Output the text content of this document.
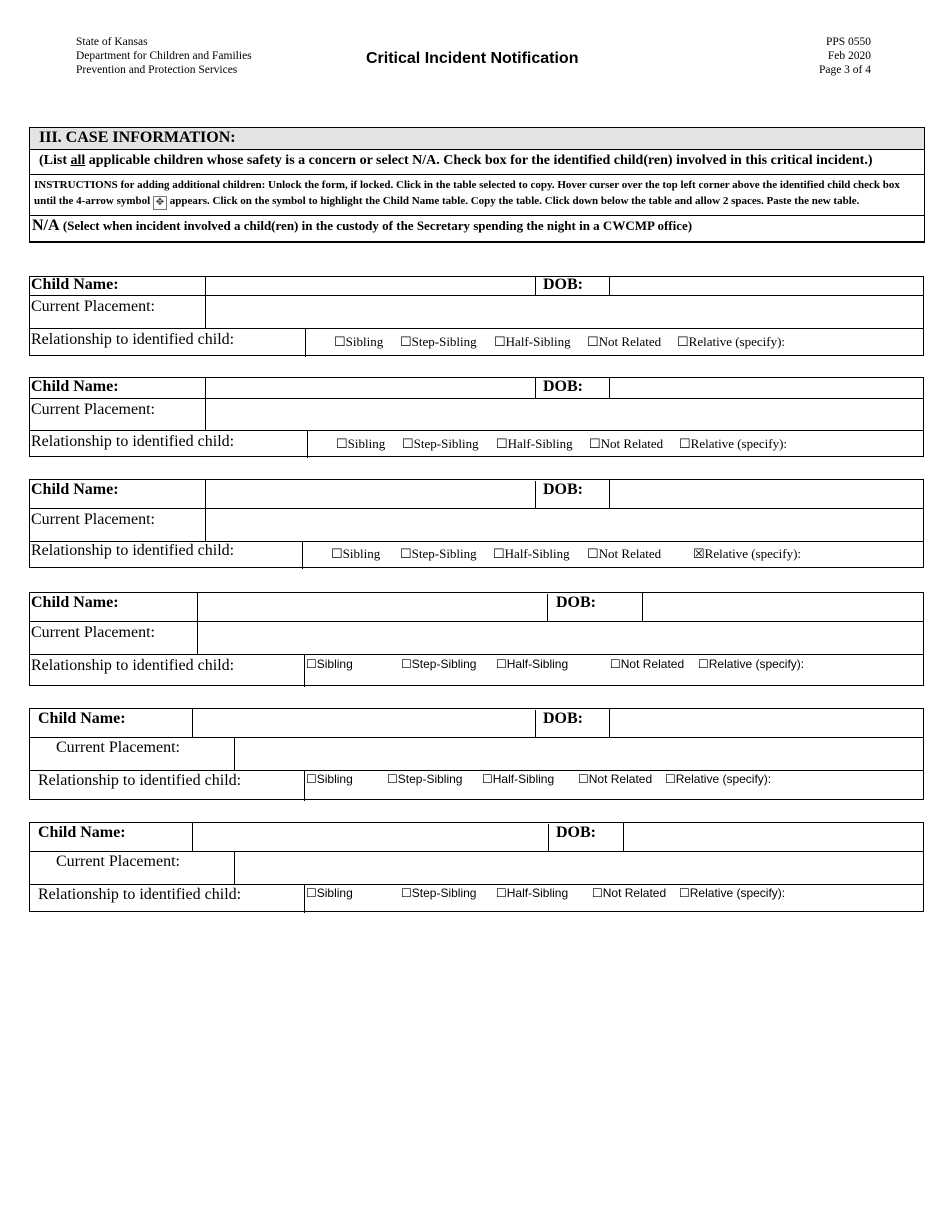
State of Kansas
Department for Children and Families
Prevention and Protection Services
Critical Incident Notification
PPS 0550
Feb 2020
Page 3 of 4
III. CASE INFORMATION:
(List all applicable children whose safety is a concern or select N/A. Check box for the identified child(ren) involved in this critical incident.)
INSTRUCTIONS for adding additional children: Unlock the form, if locked. Click in the table selected to copy. Hover curser over the top left corner above the identified child check box until the 4-arrow symbol ✥ appears. Click on the symbol to highlight the Child Name table. Copy the table. Click down below the table and allow 2 spaces. Paste the new table.
N/A (Select when incident involved a child(ren) in the custody of the Secretary spending the night in a CWCMP office)
Child Name:	DOB:
Current Placement:
Relationship to identified child:	☐Sibling ☐Step-Sibling ☐Half-Sibling ☐Not Related ☐Relative (specify):
Child Name:	DOB:
Current Placement:
Relationship to identified child:	☐Sibling ☐Step-Sibling ☐Half-Sibling ☐Not Related ☐Relative (specify):
Child Name:	DOB:
Current Placement:
Relationship to identified child:	☐Sibling ☐Step-Sibling ☐Half-Sibling ☐Not Related ☒Relative (specify):
Child Name:	DOB:
Current Placement:
Relationship to identified child:	☐Sibling	☐Step-Sibling ☐Half-Sibling	☐Not Related ☐Relative (specify):
Child Name:	DOB:
Current Placement:
Relationship to identified child:	☐Sibling	☐Step-Sibling ☐Half-Sibling ☐Not Related ☐Relative (specify):
Child Name:	DOB:
Current Placement:
Relationship to identified child:	☐Sibling	☐Step-Sibling ☐Half-Sibling ☐Not Related ☐Relative (specify):
